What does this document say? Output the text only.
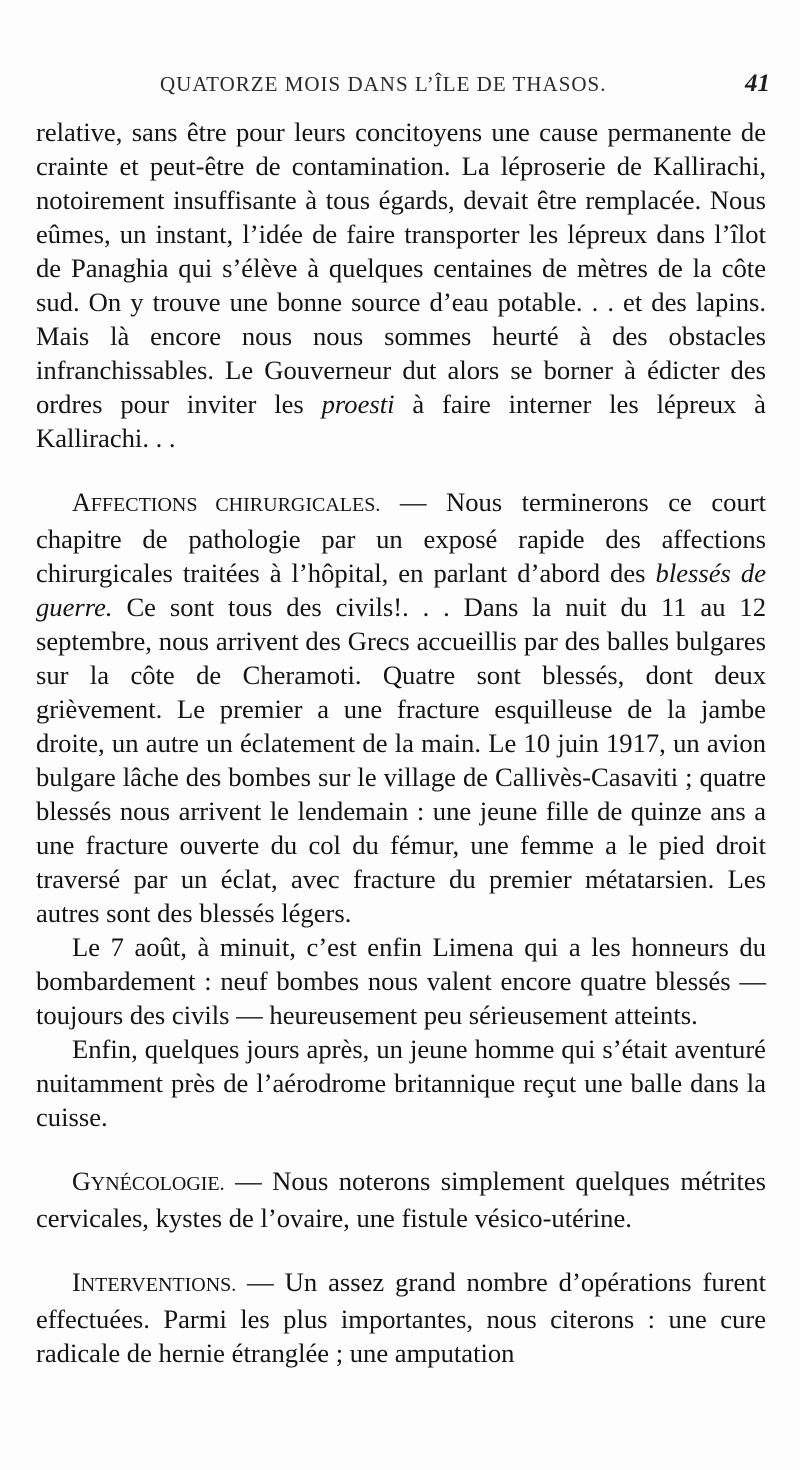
QUATORZE MOIS DANS L’ÎLE DE THASOS.	41

relative, sans être pour leurs concitoyens une cause permanente de crainte et peut-être de contamination. La léproserie de Kallirachi, notoirement insuffisante à tous égards, devait être remplacée. Nous eûmes, un instant, l’idée de faire transporter les lépreux dans l’îlot de Panaghia qui s’élève à quelques centaines de mètres de la côte sud. On y trouve une bonne source d’eau potable. . . et des lapins. Mais là encore nous nous sommes heurté à des obstacles infranchissables. Le Gouverneur dut alors se borner à édicter des ordres pour inviter les proesti à faire interner les lépreux à Kallirachi. . .

AFFECTIONS CHIRURGICALES. — Nous terminerons ce court chapitre de pathologie par un exposé rapide des affections chirurgicales traitées à l’hôpital, en parlant d’abord des blessés de guerre. Ce sont tous des civils!. . . Dans la nuit du 11 au 12 septembre, nous arrivent des Grecs accueillis par des balles bulgares sur la côte de Cheramoti. Quatre sont blessés, dont deux grièvement. Le premier a une fracture esquilleuse de la jambe droite, un autre un éclatement de la main. Le 10 juin 1917, un avion bulgare lâche des bombes sur le village de Callivès-Casaviti ; quatre blessés nous arrivent le lendemain : une jeune fille de quinze ans a une fracture ouverte du col du fémur, une femme a le pied droit traversé par un éclat, avec fracture du premier métatarsien. Les autres sont des blessés légers.

Le 7 août, à minuit, c’est enfin Limena qui a les honneurs du bombardement : neuf bombes nous valent encore quatre blessés — toujours des civils — heureusement peu sérieusement atteints.

Enfin, quelques jours après, un jeune homme qui s’était aventuré nuitamment près de l’aérodrome britannique reçut une balle dans la cuisse.

GYNÉCOLOGIE. — Nous noterons simplement quelques métrites cervicales, kystes de l’ovaire, une fistule vésico-utérine.

INTERVENTIONS. — Un assez grand nombre d’opérations furent effectuées. Parmi les plus importantes, nous citerons : une cure radicale de hernie étranglée ; une amputation
